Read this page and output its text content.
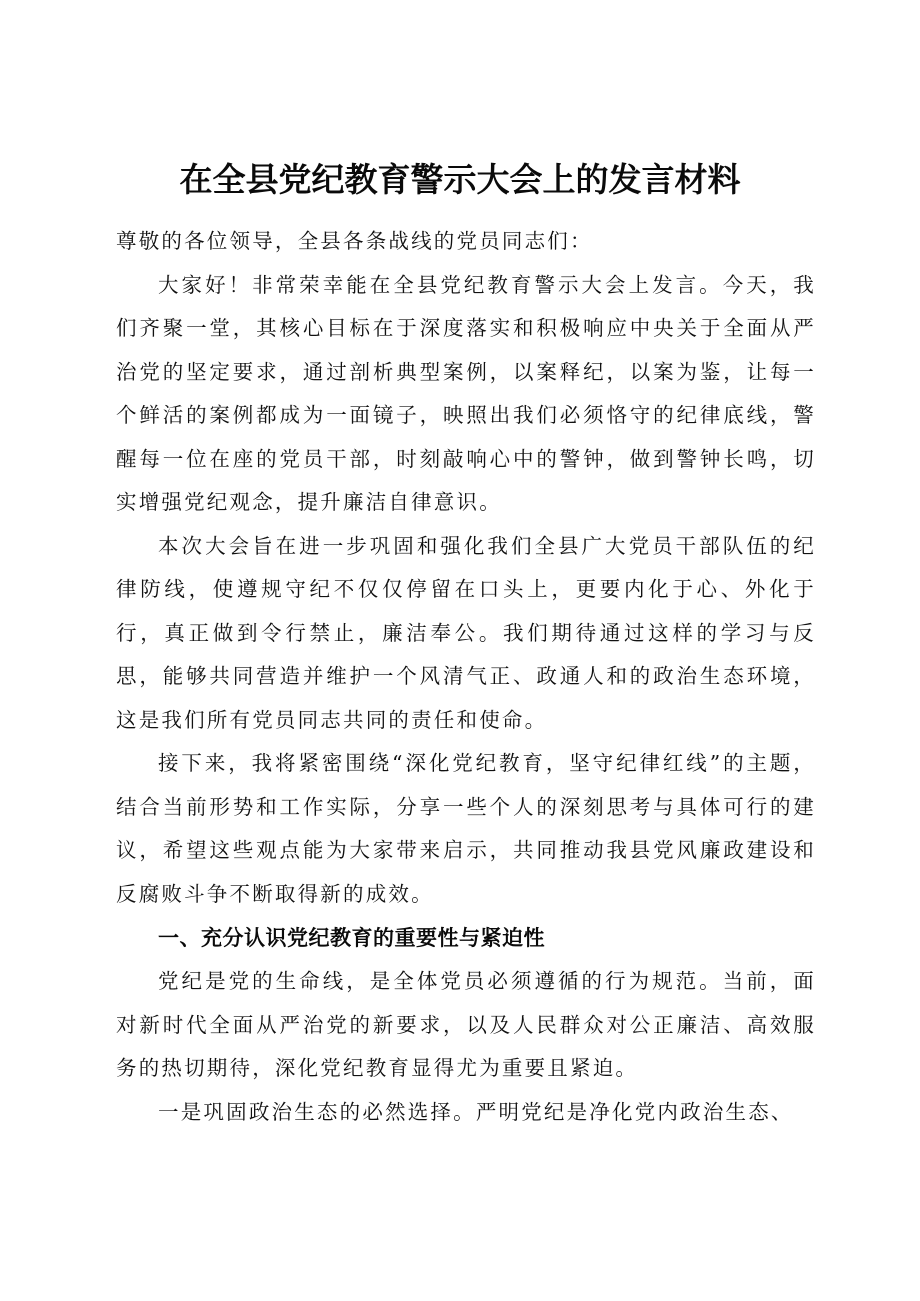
在全县党纪教育警示大会上的发言材料

尊敬的各位领导，全县各条战线的党员同志们：

大家好！非常荣幸能在全县党纪教育警示大会上发言。今天，我们齐聚一堂，其核心目标在于深度落实和积极响应中央关于全面从严治党的坚定要求，通过剖析典型案例，以案释纪，以案为鉴，让每一个鲜活的案例都成为一面镜子，映照出我们必须恪守的纪律底线，警醒每一位在座的党员干部，时刻敲响心中的警钟，做到警钟长鸣，切实增强党纪观念，提升廉洁自律意识。

本次大会旨在进一步巩固和强化我们全县广大党员干部队伍的纪律防线，使遵规守纪不仅仅停留在口头上，更要内化于心、外化于行，真正做到令行禁止，廉洁奉公。我们期待通过这样的学习与反思，能够共同营造并维护一个风清气正、政通人和的政治生态环境，这是我们所有党员同志共同的责任和使命。

接下来，我将紧密围绕“深化党纪教育，坚守纪律红线”的主题，结合当前形势和工作实际，分享一些个人的深刻思考与具体可行的建议，希望这些观点能为大家带来启示，共同推动我县党风廉政建设和反腐败斗争不断取得新的成效。

一、充分认识党纪教育的重要性与紧迫性

党纪是党的生命线，是全体党员必须遵循的行为规范。当前，面对新时代全面从严治党的新要求，以及人民群众对公正廉洁、高效服务的热切期待，深化党纪教育显得尤为重要且紧迫。

一是巩固政治生态的必然选择。严明党纪是净化党内政治生态、
